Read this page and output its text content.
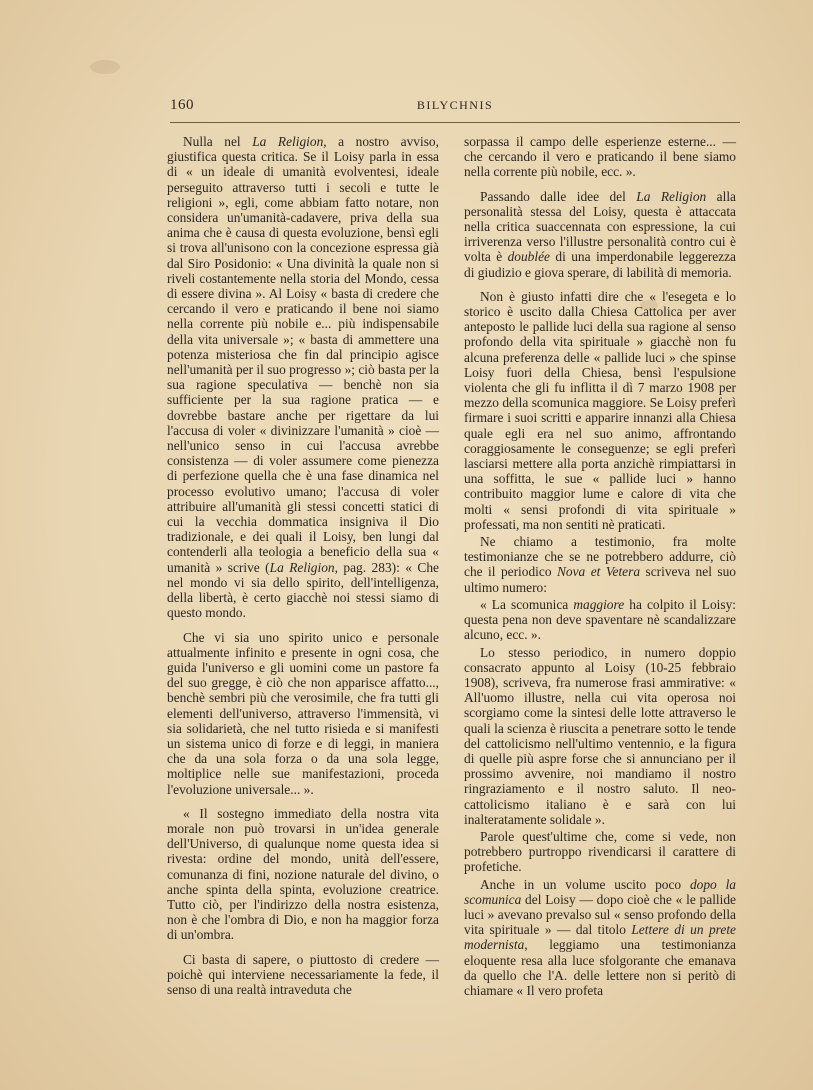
160	BILYCHNIS

Nulla nel La Religion, a nostro avviso, giustifica questa critica. Se il Loisy parla in essa di « un ideale di umanità evolventesi, ideale perseguito attraverso tutti i secoli e tutte le religioni », egli, come abbiam fatto notare, non considera un'umanità-cadavere, priva della sua anima che è causa di questa evoluzione, bensì egli si trova all'unisono con la concezione espressa già dal Siro Posidonio: « Una divinità la quale non si riveli costantemente nella storia del Mondo, cessa di essere divina ». Al Loisy « basta di credere che cercando il vero e praticando il bene noi siamo nella corrente più nobile e... più indispensabile della vita universale »; « basta di ammettere una potenza misteriosa che fin dal principio agisce nell'umanità per il suo progresso »; ciò basta per la sua ragione speculativa — benchè non sia sufficiente per la sua ragione pratica — e dovrebbe bastare anche per rigettare da lui l'accusa di voler « divinizzare l'umanità » cioè — nell'unico senso in cui l'accusa avrebbe consistenza — di voler assumere come pienezza di perfezione quella che è una fase dinamica nel processo evolutivo umano; l'accusa di voler attribuire all'umanità gli stessi concetti statici di cui la vecchia dommatica insigniva il Dio tradizionale, e dei quali il Loisy, ben lungi dal contenderli alla teologia a beneficio della sua « umanità » scrive (La Religion, pag. 283): « Che nel mondo vi sia dello spirito, dell'intelligenza, della libertà, è certo giacchè noi stessi siamo di questo mondo.

Che vi sia uno spirito unico e personale attualmente infinito e presente in ogni cosa, che guida l'universo e gli uomini come un pastore fa del suo gregge, è ciò che non apparisce affatto..., benchè sembri più che verosimile, che fra tutti gli elementi dell'universo, attraverso l'immensità, vi sia solidarietà, che nel tutto risieda e si manifesti un sistema unico di forze e di leggi, in maniera che da una sola forza o da una sola legge, moltiplice nelle sue manifestazioni, proceda l'evoluzione universale... ».

« Il sostegno immediato della nostra vita morale non può trovarsi in un'idea generale dell'Universo, di qualunque nome questa idea si rivesta: ordine del mondo, unità dell'essere, comunanza di fini, nozione naturale del divino, o anche spinta della spinta, evoluzione creatrice. Tutto ciò, per l'indirizzo della nostra esistenza, non è che l'ombra di Dio, e non ha maggior forza di un'ombra.

Ci basta di sapere, o piuttosto di credere — poichè qui interviene necessariamente la fede, il senso di una realtà intraveduta che

sorpassa il campo delle esperienze esterne... — che cercando il vero e praticando il bene siamo nella corrente più nobile, ecc. ».

Passando dalle idee del La Religion alla personalità stessa del Loisy, questa è attaccata nella critica suaccennata con espressione, la cui irriverenza verso l'illustre personalità contro cui è volta è doublée di una imperdonabile leggerezza di giudizio e giova sperare, di labilità di memoria.

Non è giusto infatti dire che « l'esegeta e lo storico è uscito dalla Chiesa Cattolica per aver anteposto le pallide luci della sua ragione al senso profondo della vita spirituale » giacchè non fu alcuna preferenza delle « pallide luci » che spinse Loisy fuori della Chiesa, bensì l'espulsione violenta che gli fu inflitta il dì 7 marzo 1908 per mezzo della scomunica maggiore. Se Loisy preferì firmare i suoi scritti e apparire innanzi alla Chiesa quale egli era nel suo animo, affrontando coraggiosamente le conseguenze; se egli preferì lasciarsi mettere alla porta anzichè rimpiattarsi in una soffitta, le sue « pallide luci » hanno contribuito maggior lume e calore di vita che molti « sensi profondi di vita spirituale » professati, ma non sentiti nè praticati.

Ne chiamo a testimonio, fra molte testimonianze che se ne potrebbero addurre, ciò che il periodico Nova et Vetera scriveva nel suo ultimo numero:

« La scomunica maggiore ha colpito il Loisy: questa pena non deve spaventare nè scandalizzare alcuno, ecc. ».

Lo stesso periodico, in numero doppio consacrato appunto al Loisy (10-25 febbraio 1908), scriveva, fra numerose frasi ammirative: « All'uomo illustre, nella cui vita operosa noi scorgiamo come la sintesi delle lotte attraverso le quali la scienza è riuscita a penetrare sotto le tende del cattolicismo nell'ultimo ventennio, e la figura di quelle più aspre forse che si annunciano per il prossimo avvenire, noi mandiamo il nostro ringraziamento e il nostro saluto. Il neo-cattolicismo italiano è e sarà con lui inalteratamente solidale ».

Parole quest'ultime che, come si vede, non potrebbero purtroppo rivendicarsi il carattere di profetiche.

Anche in un volume uscito poco dopo la scomunica del Loisy — dopo cioè che « le pallide luci » avevano prevalso sul « senso profondo della vita spirituale » — dal titolo Lettere di un prete modernista, leggiamo una testimonianza eloquente resa alla luce sfolgorante che emanava da quello che l'A. delle lettere non si peritò di chiamare « Il vero profeta
